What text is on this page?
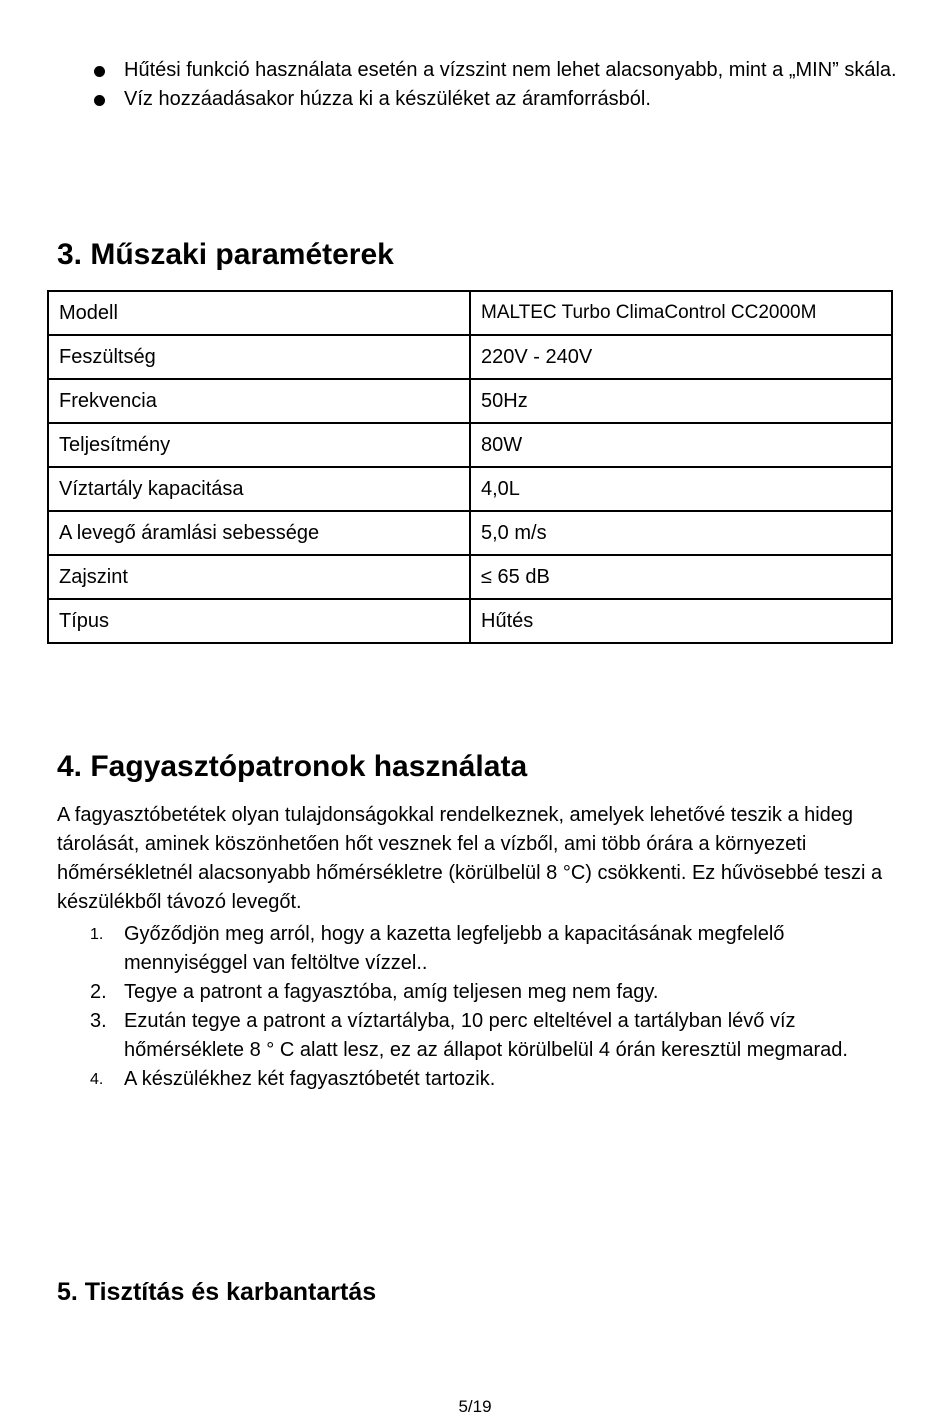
Hűtési funkció használata esetén a vízszint nem lehet alacsonyabb, mint a „MIN” skála.
Víz hozzáadásakor húzza ki a készüléket az áramforrásból.
3. Műszaki paraméterek
Modell	MALTEC Turbo ClimaControl CC2000M
Feszültség	220V - 240V
Frekvencia	50Hz
Teljesítmény	80W
Víztartály kapacitása	4,0L
A levegő áramlási sebessége	5,0 m/s
Zajszint	≤ 65 dB
Típus	Hűtés
4. Fagyasztópatronok használata
A fagyasztóbetétek olyan tulajdonságokkal rendelkeznek, amelyek lehetővé teszik a hideg tárolását, aminek köszönhetően hőt vesznek fel a vízből, ami több órára a környezeti hőmérsékletnél alacsonyabb hőmérsékletre (körülbelül 8 °C) csökkenti. Ez hűvösebbé teszi a készülékből távozó levegőt.
1.	Győződjön meg arról, hogy a kazetta legfeljebb a kapacitásának megfelelő mennyiséggel van feltöltve vízzel..
2. Tegye a patront a fagyasztóba, amíg teljesen meg nem fagy.
3. Ezután tegye a patront a víztartályba, 10 perc elteltével a tartályban lévő víz hőmérséklete 8 ° C alatt lesz, ez az állapot körülbelül 4 órán keresztül megmarad.
4.	A készülékhez két fagyasztóbetét tartozik.
5. Tisztítás és karbantartás
5/19
